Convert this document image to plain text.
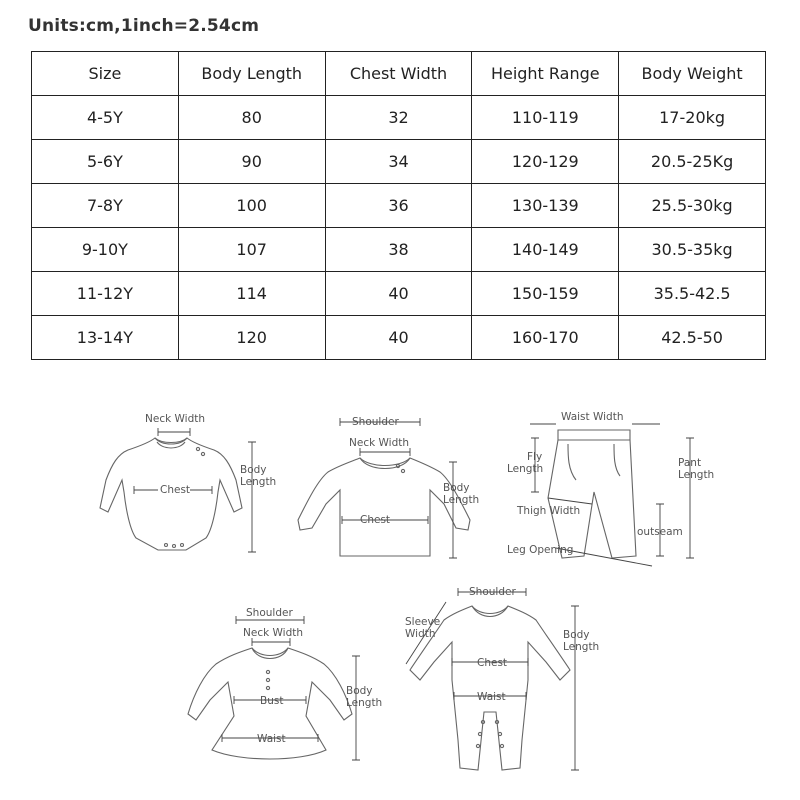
Units:cm,1inch=2.54cm
Size	Body Length	Chest Width	Height Range	Body Weight
4-5Y	80	32	110-119	17-20kg
5-6Y	90	34	120-129	20.5-25Kg
7-8Y	100	36	130-139	25.5-30kg
9-10Y	107	38	140-149	30.5-35kg
11-12Y	114	40	150-159	35.5-42.5
13-14Y	120	40	160-170	42.5-50
Neck Width
Chest
Body
Length
Shoulder
Neck Width
Chest
Body
Length
Waist Width
Fly
Length	Pant
Length
Thigh Width
outseam
Leg Opening
Shoulder
Neck Width
Bust
Waist
Body
Length
Shoulder
Sleeve
Width
Chest
Waist
Body
Length
